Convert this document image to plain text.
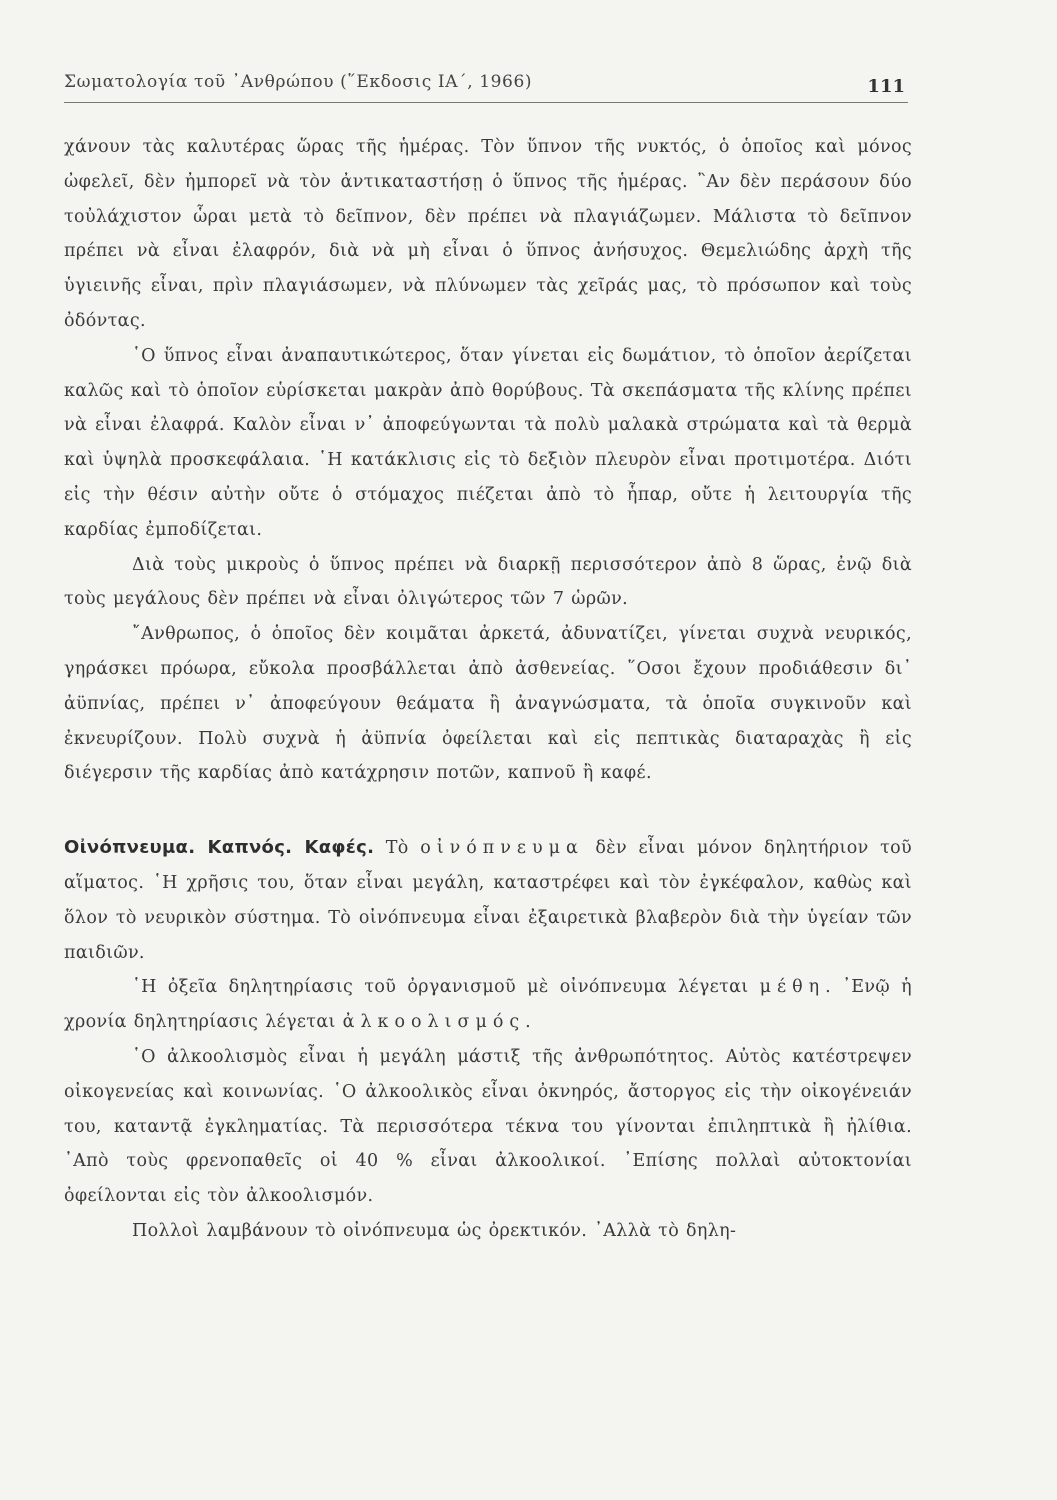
Σωματολογία τοῦ ᾿Ανθρώπου (῞Εκδοσις ΙΑ΄, 1966)	111

χάνουν τὰς καλυτέρας ὥρας τῆς ἡμέρας. Τὸν ὕπνον τῆς νυκτός, ὁ ὁποῖος καὶ μόνος ὠφελεῖ, δὲν ἠμπορεῖ νὰ τὸν ἀντικαταστήσῃ ὁ ὕπνος τῆς ἡμέρας. ῍Αν δὲν περάσουν δύο τοὐλάχιστον ὧραι μετὰ τὸ δεῖπνον, δὲν πρέπει νὰ πλαγιάζωμεν. Μάλιστα τὸ δεῖπνον πρέπει νὰ εἶναι ἐλαφρόν, διὰ νὰ μὴ εἶναι ὁ ὕπνος ἀνήσυχος. Θεμελιώδης ἀρχὴ τῆς ὑγιεινῆς εἶναι, πρὶν πλαγιάσωμεν, νὰ πλύνωμεν τὰς χεῖράς μας, τὸ πρόσωπον καὶ τοὺς ὀδόντας.

῾Ο ὕπνος εἶναι ἀναπαυτικώτερος, ὅταν γίνεται εἰς δωμάτιον, τὸ ὁποῖον ἀερίζεται καλῶς καὶ τὸ ὁποῖον εὑρίσκεται μακρὰν ἀπὸ θορύβους. Τὰ σκεπάσματα τῆς κλίνης πρέπει νὰ εἶναι ἐλαφρά. Καλὸν εἶναι ν᾿ ἀποφεύγωνται τὰ πολὺ μαλακὰ στρώματα καὶ τὰ θερμὰ καὶ ὑψηλὰ προσκεφάλαια. ῾Η κατάκλισις εἰς τὸ δεξιὸν πλευρὸν εἶναι προτιμοτέρα. Διότι εἰς τὴν θέσιν αὐτὴν οὔτε ὁ στόμαχος πιέζεται ἀπὸ τὸ ἧπαρ, οὔτε ἡ λειτουργία τῆς καρδίας ἐμποδίζεται.

Διὰ τοὺς μικροὺς ὁ ὕπνος πρέπει νὰ διαρκῇ περισσότερον ἀπὸ 8 ὥρας, ἐνῷ διὰ τοὺς μεγάλους δὲν πρέπει νὰ εἶναι ὀλιγώτερος τῶν 7 ὡρῶν.

῎Ανθρωπος, ὁ ὁποῖος δὲν κοιμᾶται ἀρκετά, ἀδυνατίζει, γίνεται συχνὰ νευρικός, γηράσκει πρόωρα, εὔκολα προσβάλλεται ἀπὸ ἀσθενείας. ῞Οσοι ἔχουν προδιάθεσιν δι᾿ ἀϋπνίας, πρέπει ν᾿ ἀποφεύγουν θεάματα ἢ ἀναγνώσματα, τὰ ὁποῖα συγκινοῦν καὶ ἐκνευρίζουν. Πολὺ συχνὰ ἡ ἀϋπνία ὀφείλεται καὶ εἰς πεπτικὰς διαταραχὰς ἢ εἰς διέγερσιν τῆς καρδίας ἀπὸ κατάχρησιν ποτῶν, καπνοῦ ἢ καφέ.

Οἰνόπνευμα. Καπνός. Καφές. Τὸ οἰνόπνευμα δὲν εἶναι μόνον δηλητήριον τοῦ αἵματος. ῾Η χρῆσις του, ὅταν εἶναι μεγάλη, καταστρέφει καὶ τὸν ἐγκέφαλον, καθὼς καὶ ὅλον τὸ νευρικὸν σύστημα. Τὸ οἰνόπνευμα εἶναι ἐξαιρετικὰ βλαβερὸν διὰ τὴν ὑγείαν τῶν παιδιῶν.

῾Η ὀξεῖα δηλητηρίασις τοῦ ὀργανισμοῦ μὲ οἰνόπνευμα λέγεται μέθη. ᾿Ενῷ ἡ χρονία δηλητηρίασις λέγεται ἀλκοολισμός.

῾Ο ἀλκοολισμὸς εἶναι ἡ μεγάλη μάστιξ τῆς ἀνθρωπότητος. Αὐτὸς κατέστρεψεν οἰκογενείας καὶ κοινωνίας. ῾Ο ἀλκοολικὸς εἶναι ὀκνηρός, ἄστοργος εἰς τὴν οἰκογένειάν του, καταντᾷ ἐγκληματίας. Τὰ περισσότερα τέκνα του γίνονται ἐπιληπτικὰ ἢ ἠλίθια. ᾿Απὸ τοὺς φρενοπαθεῖς οἱ 40 % εἶναι ἀλκοολικοί. ᾿Επίσης πολλαὶ αὐτοκτονίαι ὀφείλονται εἰς τὸν ἀλκοολισμόν.

Πολλοὶ λαμβάνουν τὸ οἰνόπνευμα ὡς ὀρεκτικόν. ᾿Αλλὰ τὸ δηλη-
